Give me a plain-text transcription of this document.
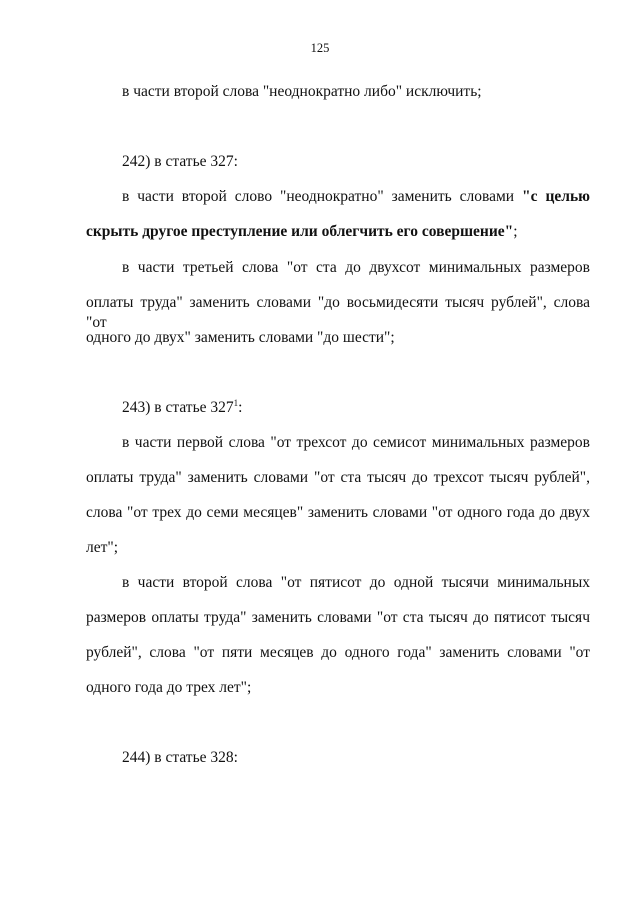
125
в части второй слова "неоднократно либо" исключить;
242) в статье 327:
в части второй слово "неоднократно" заменить словами "с целью
скрыть другое преступление или облегчить его совершение";
в части третьей слова "от ста до двухсот минимальных размеров
оплаты труда" заменить словами "до восьмидесяти тысяч рублей", слова "от
одного до двух" заменить словами "до шести";
243) в статье $327^1$:
в части первой слова "от трехсот до семисот минимальных размеров
оплаты труда" заменить словами "от ста тысяч до трехсот тысяч рублей",
слова "от трех до семи месяцев" заменить словами "от одного года до двух
лет";
в части второй слова "от пятисот до одной тысячи минимальных
размеров оплаты труда" заменить словами "от ста тысяч до пятисот тысяч
рублей", слова "от пяти месяцев до одного года" заменить словами "от
одного года до трех лет";
244) в статье 328:
